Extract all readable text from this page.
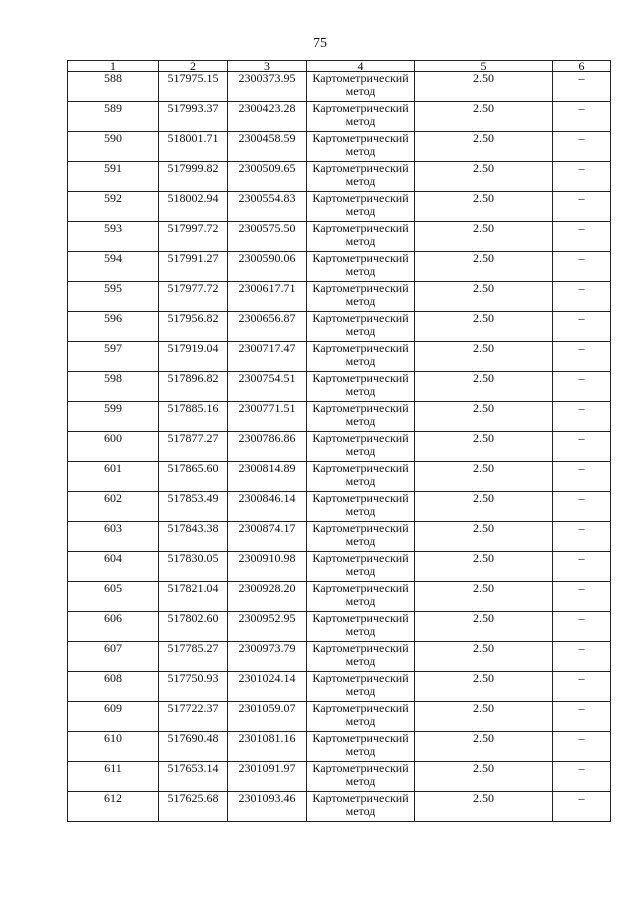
75
1	2	3	4	5	6
588	517975.15	2300373.95	Картометрический метод	2.50	–
589	517993.37	2300423.28	Картометрический метод	2.50	–
590	518001.71	2300458.59	Картометрический метод	2.50	–
591	517999.82	2300509.65	Картометрический метод	2.50	–
592	518002.94	2300554.83	Картометрический метод	2.50	–
593	517997.72	2300575.50	Картометрический метод	2.50	–
594	517991.27	2300590.06	Картометрический метод	2.50	–
595	517977.72	2300617.71	Картометрический метод	2.50	–
596	517956.82	2300656.87	Картометрический метод	2.50	–
597	517919.04	2300717.47	Картометрический метод	2.50	–
598	517896.82	2300754.51	Картометрический метод	2.50	–
599	517885.16	2300771.51	Картометрический метод	2.50	–
600	517877.27	2300786.86	Картометрический метод	2.50	–
601	517865.60	2300814.89	Картометрический метод	2.50	–
602	517853.49	2300846.14	Картометрический метод	2.50	–
603	517843.38	2300874.17	Картометрический метод	2.50	–
604	517830.05	2300910.98	Картометрический метод	2.50	–
605	517821.04	2300928.20	Картометрический метод	2.50	–
606	517802.60	2300952.95	Картометрический метод	2.50	–
607	517785.27	2300973.79	Картометрический метод	2.50	–
608	517750.93	2301024.14	Картометрический метод	2.50	–
609	517722.37	2301059.07	Картометрический метод	2.50	–
610	517690.48	2301081.16	Картометрический метод	2.50	–
611	517653.14	2301091.97	Картометрический метод	2.50	–
612	517625.68	2301093.46	Картометрический метод	2.50	–
